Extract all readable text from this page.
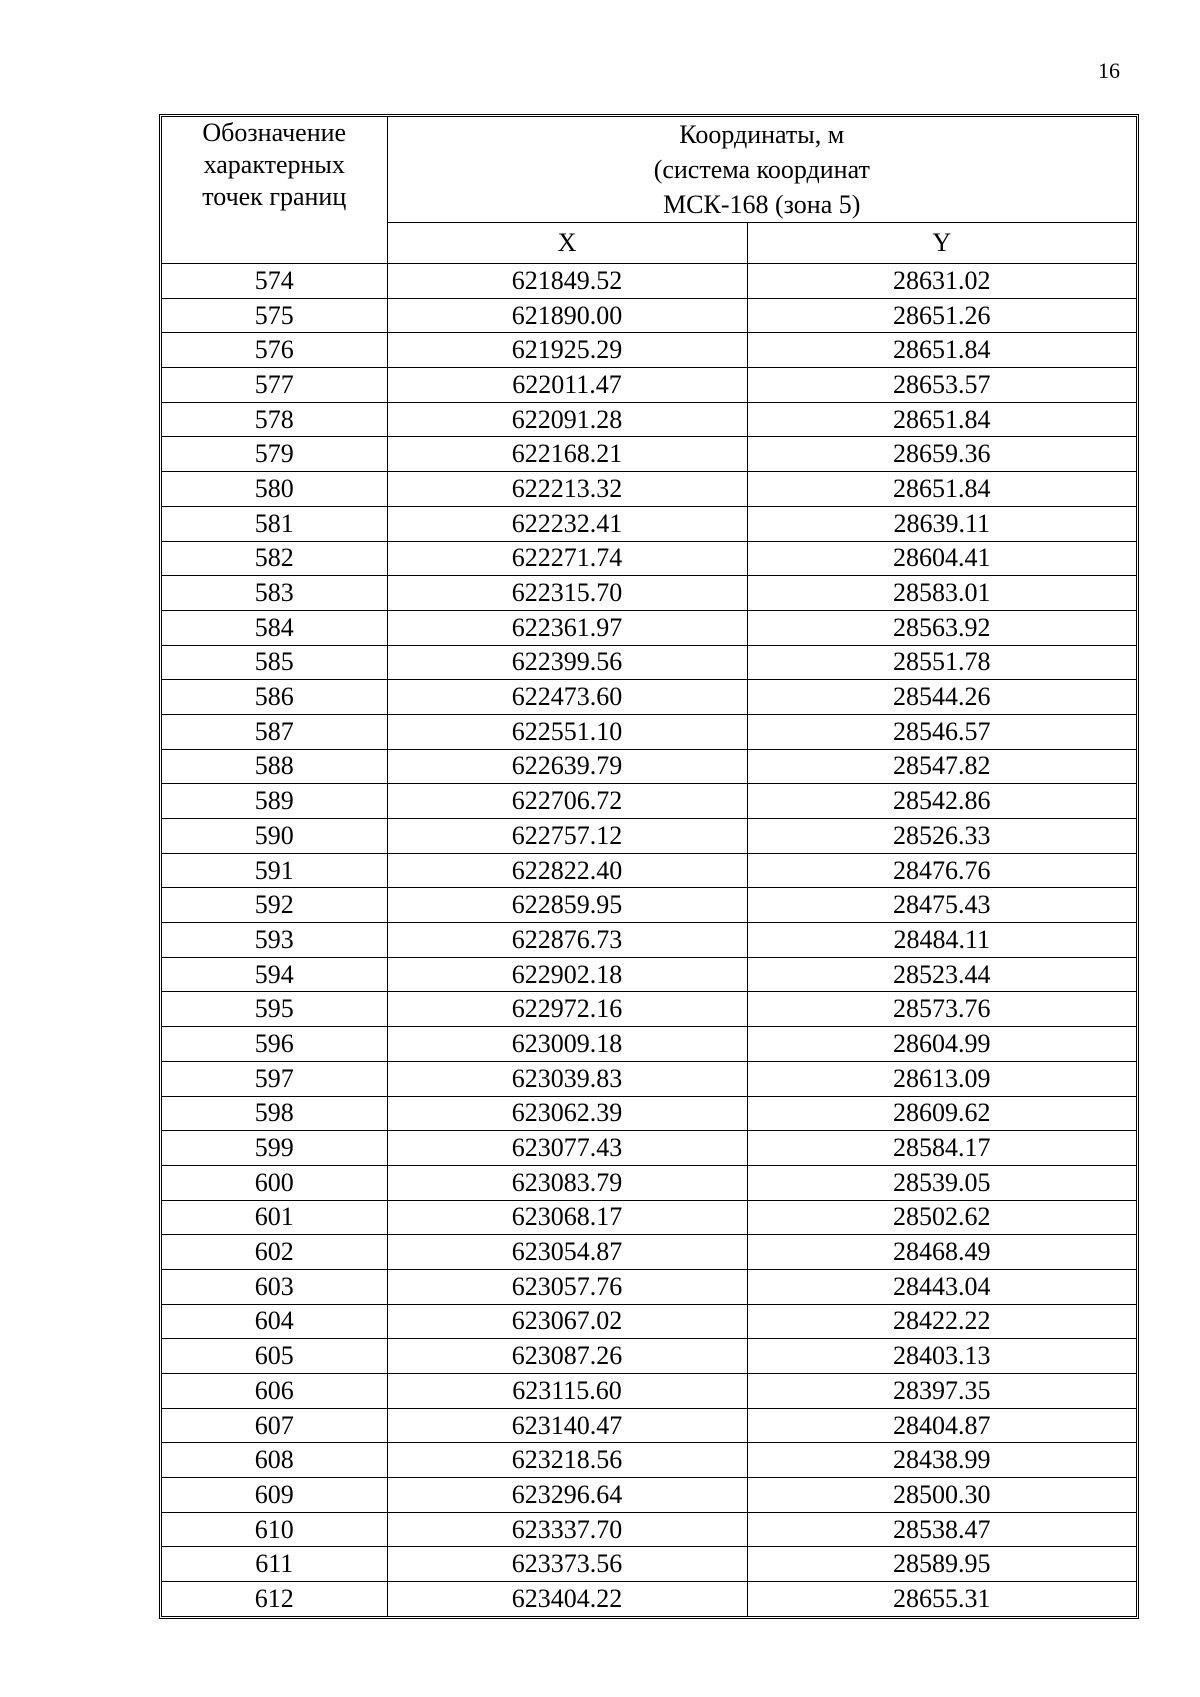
16
Обозначение
характерных
точек границ	Координаты, м
(система координат
МСК-168 (зона 5)	

	X	Y
574	621849.52	28631.02
575	621890.00	28651.26
576	621925.29	28651.84
577	622011.47	28653.57
578	622091.28	28651.84
579	622168.21	28659.36
580	622213.32	28651.84
581	622232.41	28639.11
582	622271.74	28604.41
583	622315.70	28583.01
584	622361.97	28563.92
585	622399.56	28551.78
586	622473.60	28544.26
587	622551.10	28546.57
588	622639.79	28547.82
589	622706.72	28542.86
590	622757.12	28526.33
591	622822.40	28476.76
592	622859.95	28475.43
593	622876.73	28484.11
594	622902.18	28523.44
595	622972.16	28573.76
596	623009.18	28604.99
597	623039.83	28613.09
598	623062.39	28609.62
599	623077.43	28584.17
600	623083.79	28539.05
601	623068.17	28502.62
602	623054.87	28468.49
603	623057.76	28443.04
604	623067.02	28422.22
605	623087.26	28403.13
606	623115.60	28397.35
607	623140.47	28404.87
608	623218.56	28438.99
609	623296.64	28500.30
610	623337.70	28538.47
611	623373.56	28589.95
612	623404.22	28655.31
